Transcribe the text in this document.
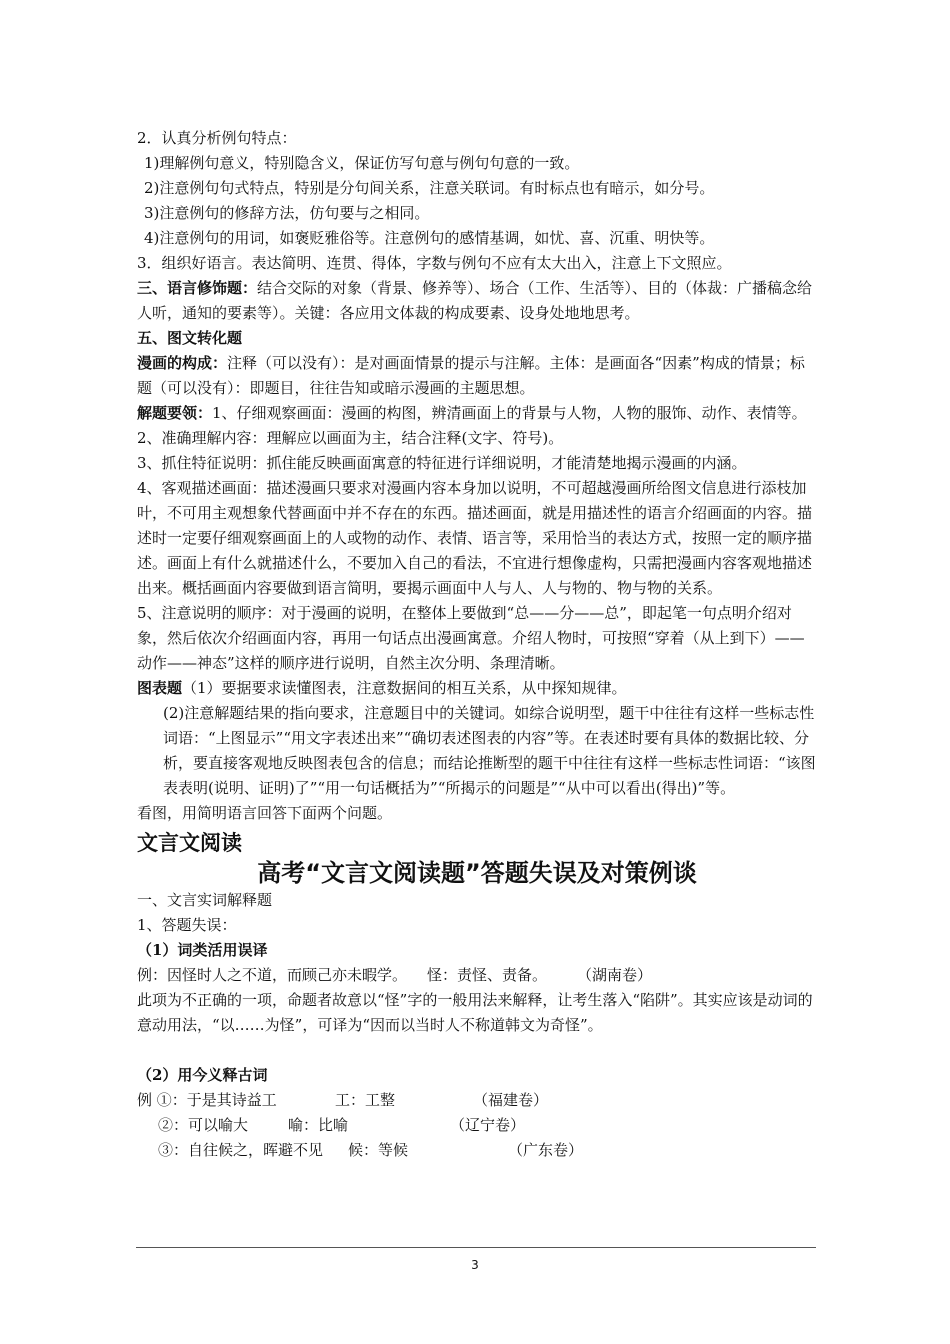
2．认真分析例句特点：

1)理解例句意义，特别隐含义，保证仿写句意与例句句意的一致。

2)注意例句句式特点，特别是分句间关系，注意关联词。有时标点也有暗示，如分号。

3)注意例句的修辞方法，仿句要与之相同。

4)注意例句的用词，如褒贬雅俗等。注意例句的感情基调，如忧、喜、沉重、明快等。

3．组织好语言。表达简明、连贯、得体，字数与例句不应有太大出入，注意上下文照应。

三、语言修饰题：结合交际的对象（背景、修养等）、场合（工作、生活等）、目的（体裁：广播稿念给人听，通知的要素等）。关键：各应用文体裁的构成要素、设身处地地思考。

五、图文转化题

漫画的构成：注释（可以没有）：是对画面情景的提示与注解。主体：是画面各“因素”构成的情景；标题（可以没有）：即题目，往往告知或暗示漫画的主题思想。

解题要领：1、仔细观察画面：漫画的构图，辨清画面上的背景与人物，人物的服饰、动作、表情等。

2、准确理解内容：理解应以画面为主，结合注释(文字、符号)。

3、抓住特征说明：抓住能反映画面寓意的特征进行详细说明，才能清楚地揭示漫画的内涵。

4、客观描述画面：描述漫画只要求对漫画内容本身加以说明，不可超越漫画所给图文信息进行添枝加叶，不可用主观想象代替画面中并不存在的东西。描述画面，就是用描述性的语言介绍画面的内容。描述时一定要仔细观察画面上的人或物的动作、表情、语言等，采用恰当的表达方式，按照一定的顺序描述。画面上有什么就描述什么，不要加入自己的看法，不宜进行想像虚构，只需把漫画内容客观地描述出来。概括画面内容要做到语言简明，要揭示画面中人与人、人与物的、物与物的关系。

5、注意说明的顺序：对于漫画的说明，在整体上要做到“总——分——总”，即起笔一句点明介绍对象，然后依次介绍画面内容，再用一句话点出漫画寓意。介绍人物时，可按照“穿着（从上到下）——动作——神态”这样的顺序进行说明，自然主次分明、条理清晰。

图表题（1）要据要求读懂图表，注意数据间的相互关系，从中探知规律。

(2)注意解题结果的指向要求，注意题目中的关键词。如综合说明型，题干中往往有这样一些标志性词语：“上图显示”“用文字表述出来”“确切表述图表的内容”等。在表述时要有具体的数据比较、分析，要直接客观地反映图表包含的信息；而结论推断型的题干中往往有这样一些标志性词语：“该图表表明(说明、证明)了”“用一句话概括为”“所揭示的问题是”“从中可以看出(得出)”等。

看图，用简明语言回答下面两个问题。

文言文阅读

高考“文言文阅读题”答题失误及对策例谈

一、文言实词解释题

1、答题失误：

（1）词类活用误译

例：因怪时人之不道，而顾己亦未暇学。 怪：责怪、责备。 （湖南卷）

此项为不正确的一项，命题者故意以“怪”字的一般用法来解释，让考生落入“陷阱”。其实应该是动词的意动用法，“以……为怪”，可译为“因而以当时人不称道韩文为奇怪”。

（2）用今义释古词

例 ①：于是其诗益工	工：工整	（福建卷）

②：可以喻大	喻：比喻	（辽宁卷）

③：自往候之，晖避不见 候：等候	（广东卷）

3
